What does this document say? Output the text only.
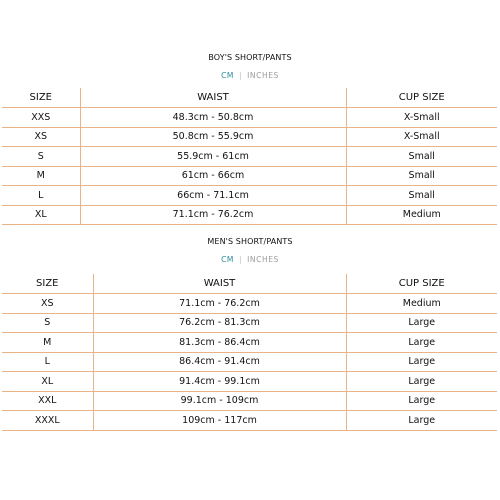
BOY'S SHORT/PANTS
CM | INCHES
SIZE	WAIST	CUP SIZE
XXS	48.3cm - 50.8cm	X-Small
XS	50.8cm - 55.9cm	X-Small
S	55.9cm - 61cm	Small
M	61cm - 66cm	Small
L	66cm - 71.1cm	Small
XL	71.1cm - 76.2cm	Medium
MEN'S SHORT/PANTS
CM | INCHES
SIZE	WAIST	CUP SIZE
XS	71.1cm - 76.2cm	Medium
S	76.2cm - 81.3cm	Large
M	81.3cm - 86.4cm	Large
L	86.4cm - 91.4cm	Large
XL	91.4cm - 99.1cm	Large
XXL	99.1cm - 109cm	Large
XXXL	109cm - 117cm	Large
